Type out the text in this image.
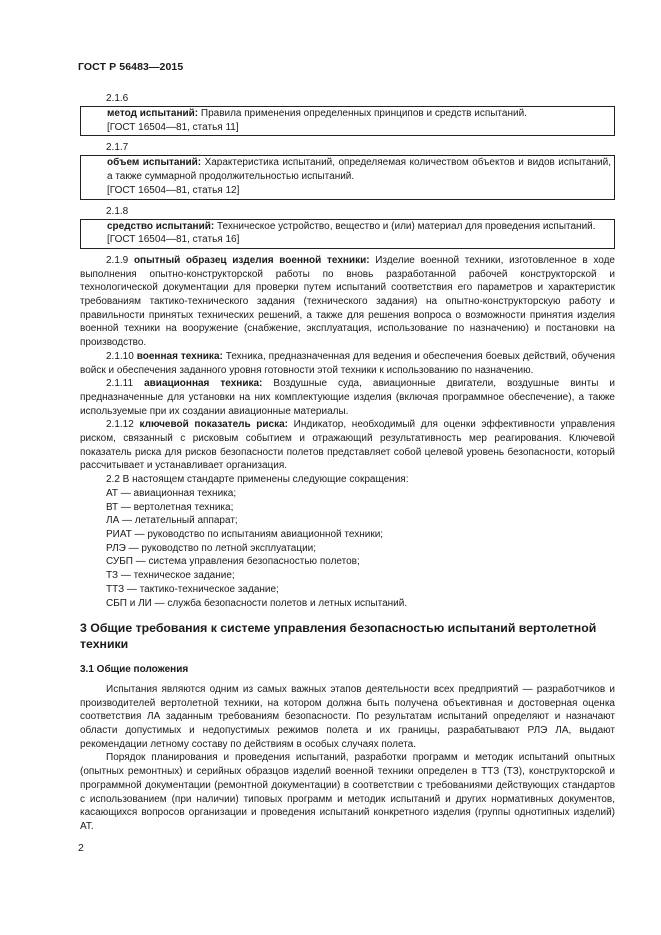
ГОСТ Р 56483—2015
2.1.6

метод испытаний: Правила применения определенных принципов и средств испытаний.

[ГОСТ 16504—81, статья 11]

2.1.7

объем испытаний: Характеристика испытаний, определяемая количеством объектов и видов испытаний, а также суммарной продолжительностью испытаний.

[ГОСТ 16504—81, статья 12]

2.1.8

средство испытаний: Техническое устройство, вещество и (или) материал для проведения испытаний.

[ГОСТ 16504—81, статья 16]

2.1.9 опытный образец изделия военной техники: Изделие военной техники, изготовленное в ходе выполнения опытно-конструкторской работы по вновь разработанной рабочей конструкторской и технологической документации для проверки путем испытаний соответствия его параметров и характеристик требованиям тактико-технического задания (технического задания) на опытно-конструкторскую работу и правильности принятых технических решений, а также для решения вопроса о возможности принятия изделия военной техники на вооружение (снабжение, эксплуатация, использование по назначению) и постановки на производство.

2.1.10 военная техника: Техника, предназначенная для ведения и обеспечения боевых действий, обучения войск и обеспечения заданного уровня готовности этой техники к использованию по назначению.

2.1.11 авиационная техника: Воздушные суда, авиационные двигатели, воздушные винты и предназначенные для установки на них комплектующие изделия (включая программное обеспечение), а также используемые при их создании авиационные материалы.

2.1.12 ключевой показатель риска: Индикатор, необходимый для оценки эффективности управления риском, связанный с рисковым событием и отражающий результативность мер реагирования. Ключевой показатель риска для рисков безопасности полетов представляет собой целевой уровень безопасности, который рассчитывает и устанавливает организация.

2.2 В настоящем стандарте применены следующие сокращения:

АТ — авиационная техника;

ВТ — вертолетная техника;

ЛА — летательный аппарат;

РИАТ — руководство по испытаниям авиационной техники;

РЛЭ — руководство по летной эксплуатации;

СУБП — система управления безопасностью полетов;

ТЗ — техническое задание;

ТТЗ — тактико-техническое задание;

СБП и ЛИ — служба безопасности полетов и летных испытаний.

3 Общие требования к системе управления безопасностью испытаний вертолетной техники
3.1 Общие положения

Испытания являются одним из самых важных этапов деятельности всех предприятий — разработчиков и производителей вертолетной техники, на котором должна быть получена объективная и достоверная оценка соответствия ЛА заданным требованиям безопасности. По результатам испытаний определяют и назначают области допустимых и недопустимых режимов полета и их границы, разрабатывают РЛЭ ЛА, выдают рекомендации летному составу по действиям в особых случаях полета.

Порядок планирования и проведения испытаний, разработки программ и методик испытаний опытных (опытных ремонтных) и серийных образцов изделий военной техники определен в ТТЗ (ТЗ), конструкторской и программной документации (ремонтной документации) в соответствии с требованиями действующих стандартов с использованием (при наличии) типовых программ и методик испытаний и других нормативных документов, касающихся вопросов организации и проведения испытаний конкретного изделия (группы однотипных изделий) АТ.

2
